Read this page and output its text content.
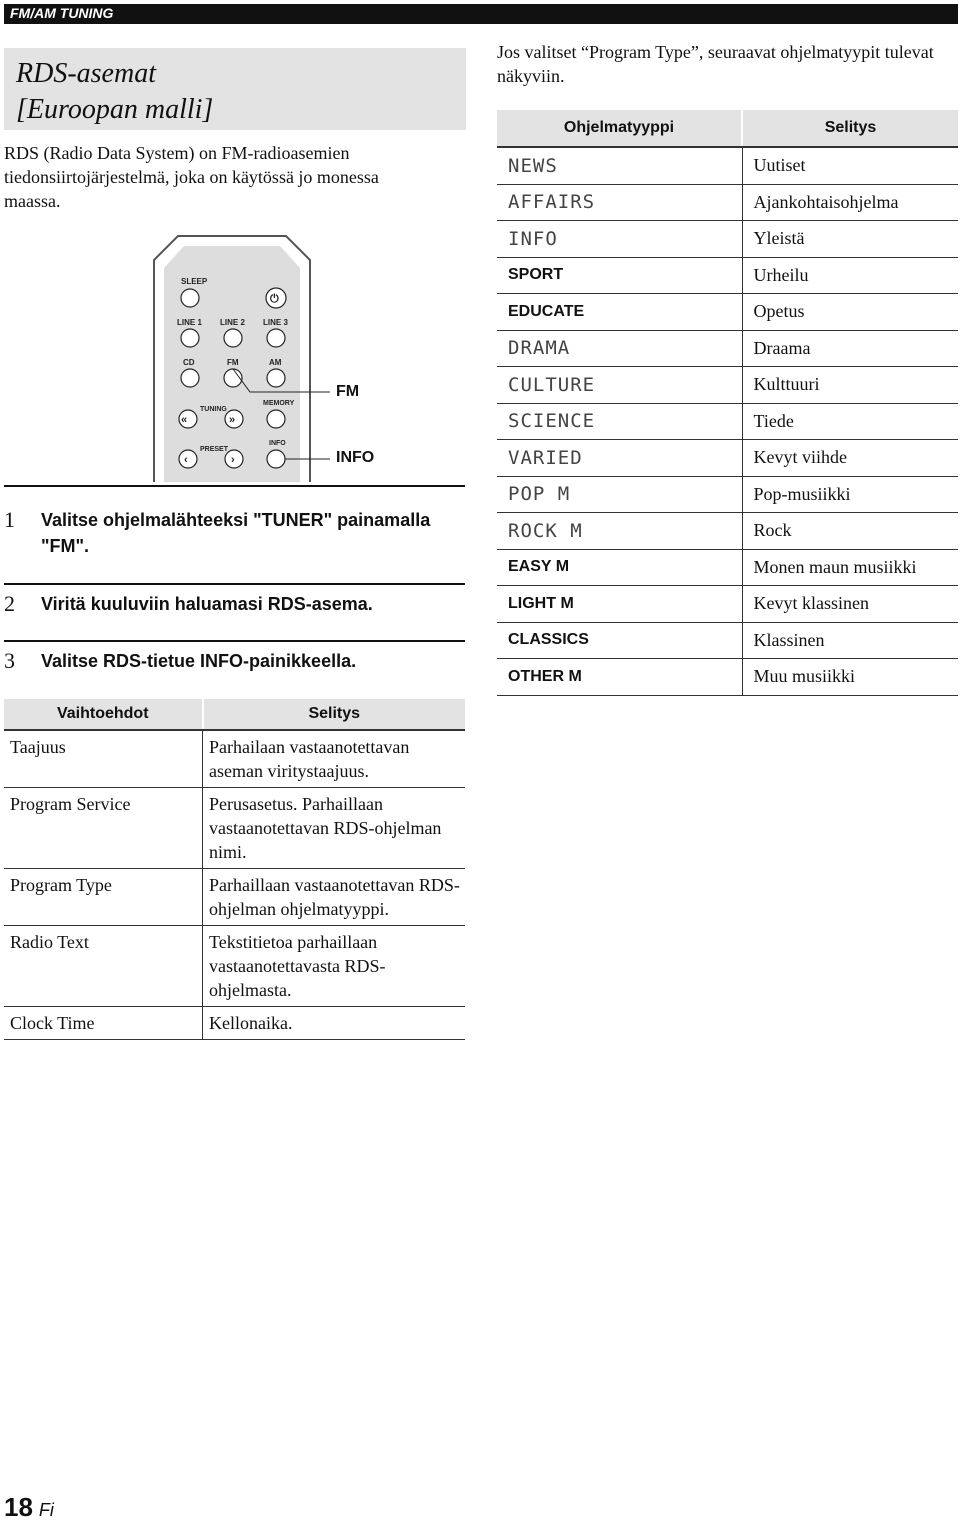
FM/AM TUNING
RDS-asemat
[Euroopan malli]
RDS (Radio Data System) on FM-radioasemien tiedonsiirtojärjestelmä, joka on käytössä jo monessa maassa.
Jos valitset “Program Type”, seuraavat ohjelmatyypit tulevat näkyviin.
SLEEP
⏻
LINE 1 LINE 2 LINE 3
CD	FM	AM
TUNING
MEMORY
«	»
PRESET
INFO
‹	›
FM
INFO
1 Valitse ohjelmalähteeksi "TUNER" painamalla "FM".
2 Viritä kuuluviin haluamasi RDS-asema.
3 Valitse RDS-tietue INFO-painikkeella.
Vaihtoehdot	Selitys
Taajuus	Parhailaan vastaanotettavan aseman viritystaajuus.
Program Service	Perusasetus. Parhaillaan vastaanotettavan RDS-ohjelman nimi.
Program Type	Parhaillaan vastaanotettavan RDS-ohjelman ohjelmatyyppi.
Radio Text	Tekstitietoa parhaillaan vastaanotettavasta RDS-ohjelmasta.
Clock Time	Kellonaika.
Ohjelmatyyppi	Selitys
NEWS	Uutiset
AFFAIRS	Ajankohtaisohjelma
INFO	Yleistä
SPORT	Urheilu
EDUCATE	Opetus
DRAMA	Draama
CULTURE	Kulttuuri
SCIENCE	Tiede
VARIED	Kevyt viihde
POP M	Pop-musiikki
ROCK M	Rock
EASY M	Monen maun musiikki
LIGHT M	Kevyt klassinen
CLASSICS	Klassinen
OTHER M	Muu musiikki
18 Fi
